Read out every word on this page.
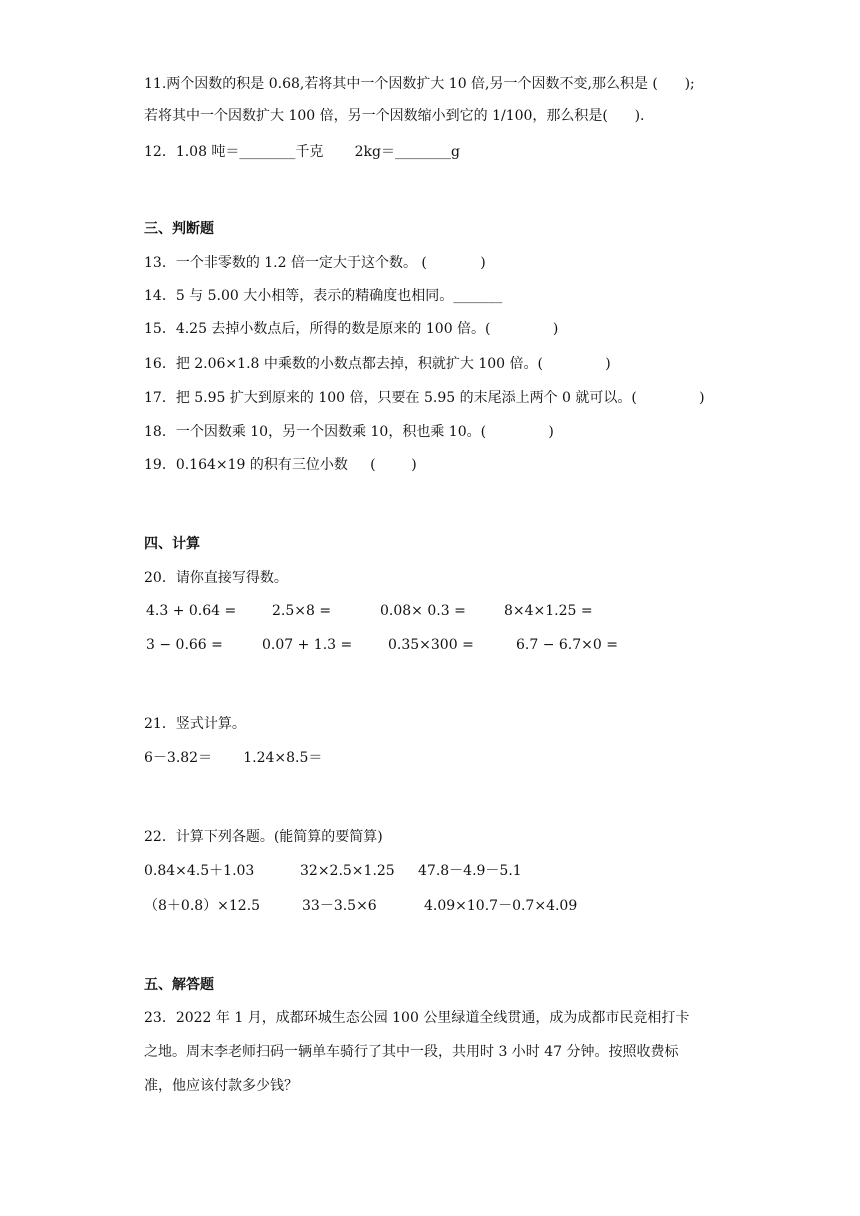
11.两个因数的积是 0.68,若将其中一个因数扩大 10 倍,另一个因数不变,那么积是 (      );
若将其中一个因数扩大 100 倍，另一个因数缩小到它的 1/100，那么积是(      ).
12．1.08 吨＝________千克       2kg＝________g
三、判断题
13．一个非零数的 1.2 倍一定大于这个数。 (            )
14．5 与 5.00 大小相等，表示的精确度也相同。_______
15．4.25 去掉小数点后，所得的数是原来的 100 倍。(              )
16．把 2.06×1.8 中乘数的小数点都去掉，积就扩大 100 倍。(              )
17．把 5.95 扩大到原来的 100 倍，只要在 5.95 的末尾添上两个 0 就可以。(              )
18．一个因数乘 10，另一个因数乘 10，积也乘 10。(              )
19．0.164×19 的积有三位小数     (        )
四、计算
20．请你直接写得数。
4.3 + 0.64 =	2.5×8 =	0.08× 0.3 =	8×4×1.25 =
3 − 0.66 =	0.07 + 1.3 =	0.35×300 =	6.7 − 6.7×0 =
21．竖式计算。
6－3.82＝       1.24×8.5＝
22．计算下列各题。(能简算的要简算)
0.84×4.5＋1.03	32×2.5×1.25 47.8－4.9－5.1
（8＋0.8）×12.5	33－3.5×6	4.09×10.7－0.7×4.09
五、解答题
23．2022 年 1 月，成都环城生态公园 100 公里绿道全线贯通，成为成都市民竞相打卡
之地。周末李老师扫码一辆单车骑行了其中一段，共用时 3 小时 47 分钟。按照收费标
准，他应该付款多少钱？
